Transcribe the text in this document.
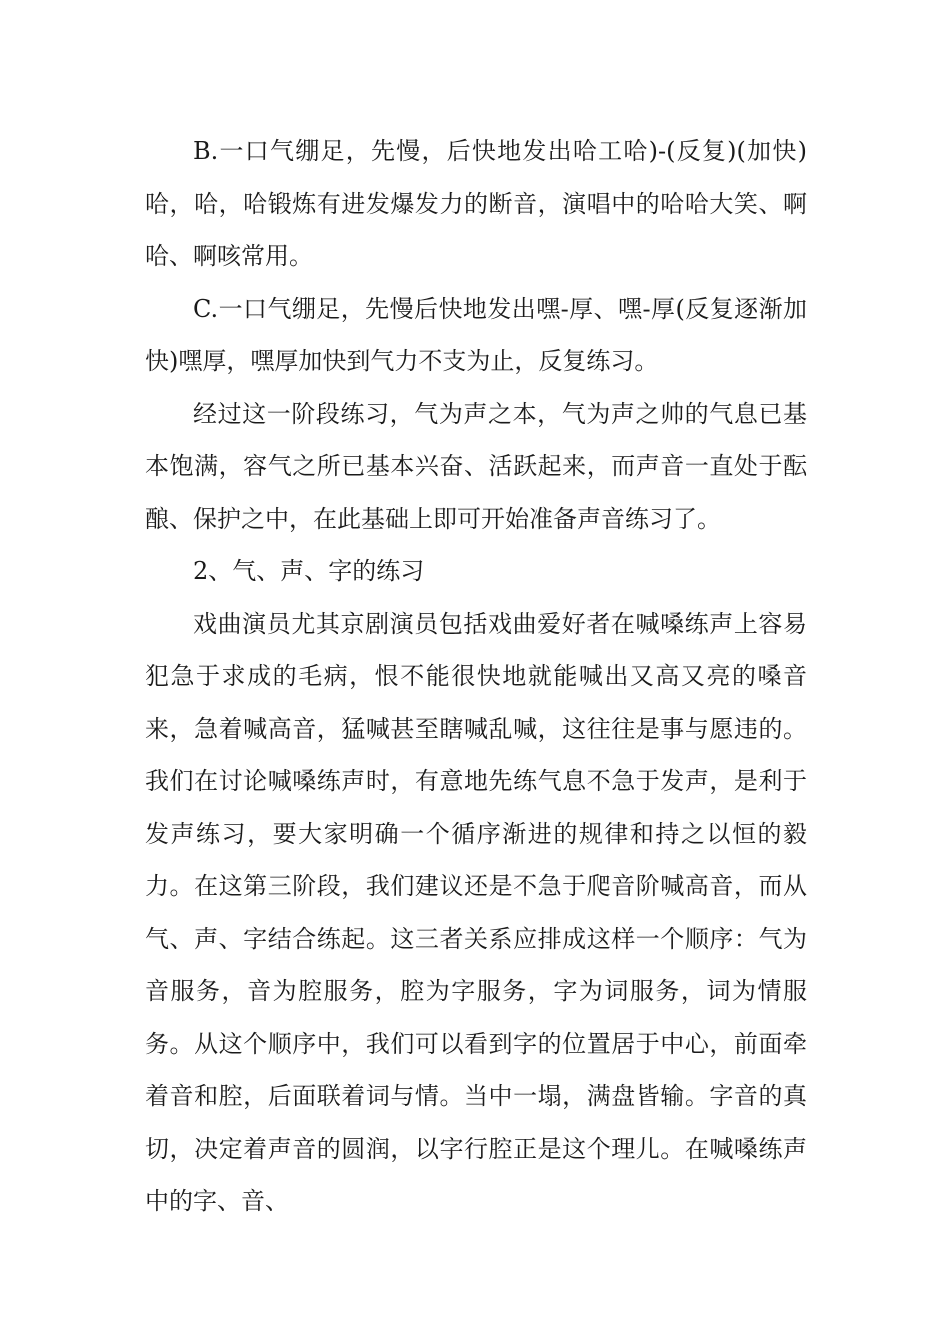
B.一口气绷足，先慢，后快地发出哈工哈)-(反复)(加快)哈，哈，哈锻炼有进发爆发力的断音，演唱中的哈哈大笑、啊哈、啊咳常用。

C.一口气绷足，先慢后快地发出嘿-厚、嘿-厚(反复逐渐加快)嘿厚，嘿厚加快到气力不支为止，反复练习。

经过这一阶段练习，气为声之本，气为声之帅的气息已基本饱满，容气之所已基本兴奋、活跃起来，而声音一直处于酝酿、保护之中，在此基础上即可开始准备声音练习了。

2、气、声、字的练习

戏曲演员尤其京剧演员包括戏曲爱好者在喊嗓练声上容易犯急于求成的毛病，恨不能很快地就能喊出又高又亮的嗓音来，急着喊高音，猛喊甚至瞎喊乱喊，这往往是事与愿违的。我们在讨论喊嗓练声时，有意地先练气息不急于发声，是利于发声练习，要大家明确一个循序渐进的规律和持之以恒的毅力。在这第三阶段，我们建议还是不急于爬音阶喊高音，而从气、声、字结合练起。这三者关系应排成这样一个顺序：气为音服务，音为腔服务，腔为字服务，字为词服务，词为情服务。从这个顺序中，我们可以看到字的位置居于中心，前面牵着音和腔，后面联着词与情。当中一塌，满盘皆输。字音的真切，决定着声音的圆润，以字行腔正是这个理儿。在喊嗓练声中的字、音、
